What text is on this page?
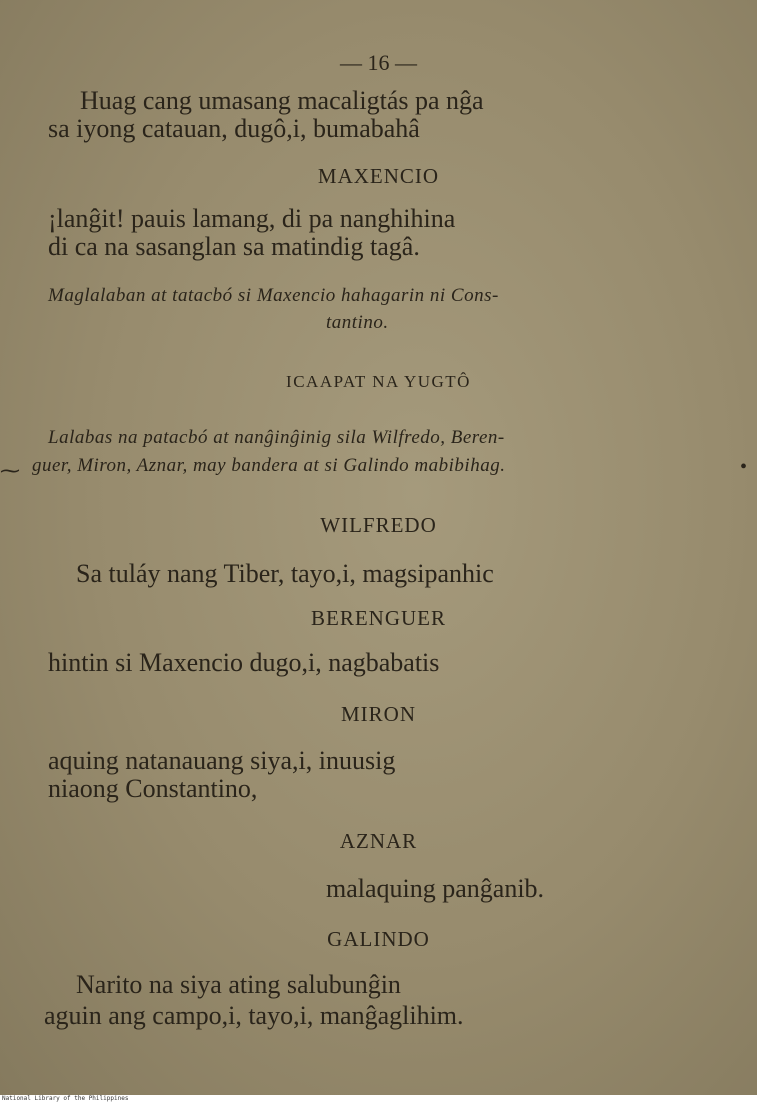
— 16 —
Huag cang umasang macaligtás pa nĝa
sa iyong catauan, dugô,i, bumabahâ
MAXENCIO
¡lanĝit! pauis lamang, di pa nanghihina
di ca na sasanglan sa matindig tagâ.
Maglalaban at tatacbó si Maxencio hahagarin ni Cons-
tantino.
ICAAPAT NA YUGTÔ
Lalabas na patacbó at nanĝinĝinig sila Wilfredo, Beren-
guer, Miron, Aznar, may bandera at si Galindo mabibihag.
⁓	•
WILFREDO
Sa tuláy nang Tiber, tayo,i, magsipanhic
BERENGUER
hintin si Maxencio dugo,i, nagbabatis
MIRON
aquing natanauang siya,i, inuusig
niaong Constantino,
AZNAR
malaquing panĝanib.
GALINDO
Narito na siya ating salubunĝin
aguin ang campo,i, tayo,i, manĝaglihim.
National Library of the Philippines
